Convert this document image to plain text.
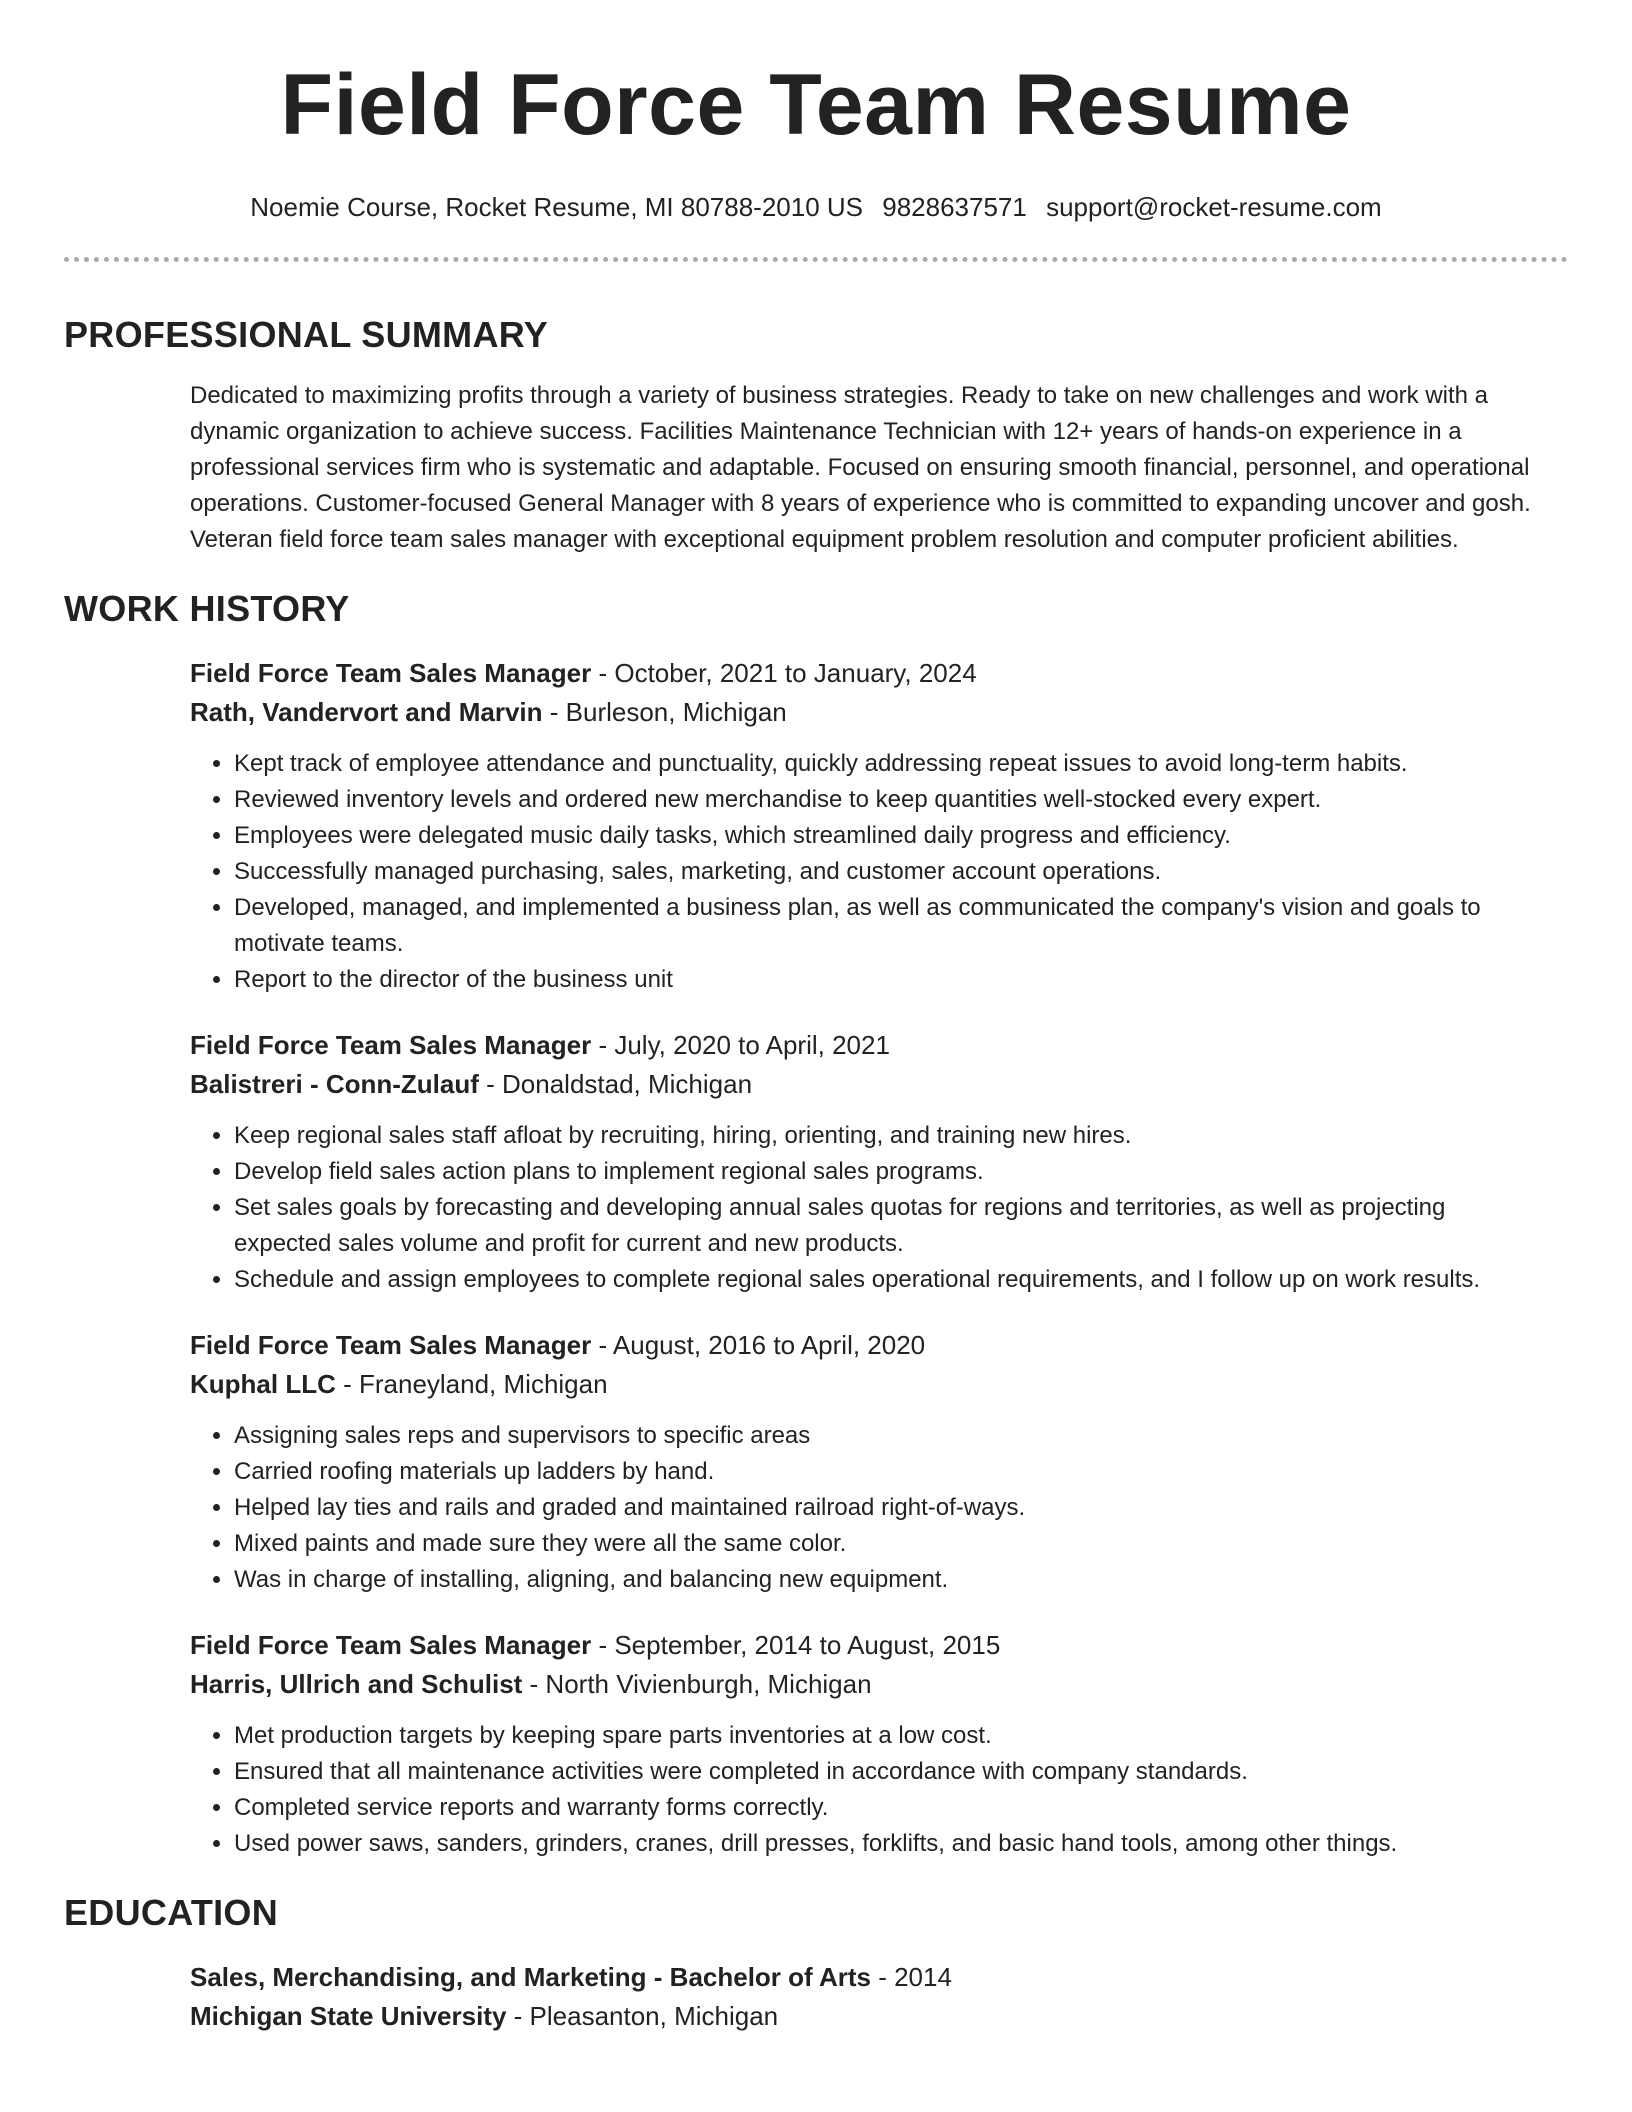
Field Force Team Resume
Noemie Course, Rocket Resume, MI 80788-2010 US 9828637571 support@rocket-resume.com
PROFESSIONAL SUMMARY
Dedicated to maximizing profits through a variety of business strategies. Ready to take on new challenges and work with a dynamic organization to achieve success. Facilities Maintenance Technician with 12+ years of hands-on experience in a professional services firm who is systematic and adaptable. Focused on ensuring smooth financial, personnel, and operational operations. Customer-focused General Manager with 8 years of experience who is committed to expanding uncover and gosh. Veteran field force team sales manager with exceptional equipment problem resolution and computer proficient abilities.
WORK HISTORY
Field Force Team Sales Manager - October, 2021 to January, 2024
Rath, Vandervort and Marvin - Burleson, Michigan
• Kept track of employee attendance and punctuality, quickly addressing repeat issues to avoid long-term habits.
• Reviewed inventory levels and ordered new merchandise to keep quantities well-stocked every expert.
• Employees were delegated music daily tasks, which streamlined daily progress and efficiency.
• Successfully managed purchasing, sales, marketing, and customer account operations.
• Developed, managed, and implemented a business plan, as well as communicated the company's vision and goals to motivate teams.
• Report to the director of the business unit
Field Force Team Sales Manager - July, 2020 to April, 2021
Balistreri - Conn-Zulauf - Donaldstad, Michigan
• Keep regional sales staff afloat by recruiting, hiring, orienting, and training new hires.
• Develop field sales action plans to implement regional sales programs.
• Set sales goals by forecasting and developing annual sales quotas for regions and territories, as well as projecting expected sales volume and profit for current and new products.
• Schedule and assign employees to complete regional sales operational requirements, and I follow up on work results.
Field Force Team Sales Manager - August, 2016 to April, 2020
Kuphal LLC - Franeyland, Michigan
• Assigning sales reps and supervisors to specific areas
• Carried roofing materials up ladders by hand.
• Helped lay ties and rails and graded and maintained railroad right-of-ways.
• Mixed paints and made sure they were all the same color.
• Was in charge of installing, aligning, and balancing new equipment.
Field Force Team Sales Manager - September, 2014 to August, 2015
Harris, Ullrich and Schulist - North Vivienburgh, Michigan
• Met production targets by keeping spare parts inventories at a low cost.
• Ensured that all maintenance activities were completed in accordance with company standards.
• Completed service reports and warranty forms correctly.
• Used power saws, sanders, grinders, cranes, drill presses, forklifts, and basic hand tools, among other things.
EDUCATION
Sales, Merchandising, and Marketing - Bachelor of Arts - 2014
Michigan State University - Pleasanton, Michigan
